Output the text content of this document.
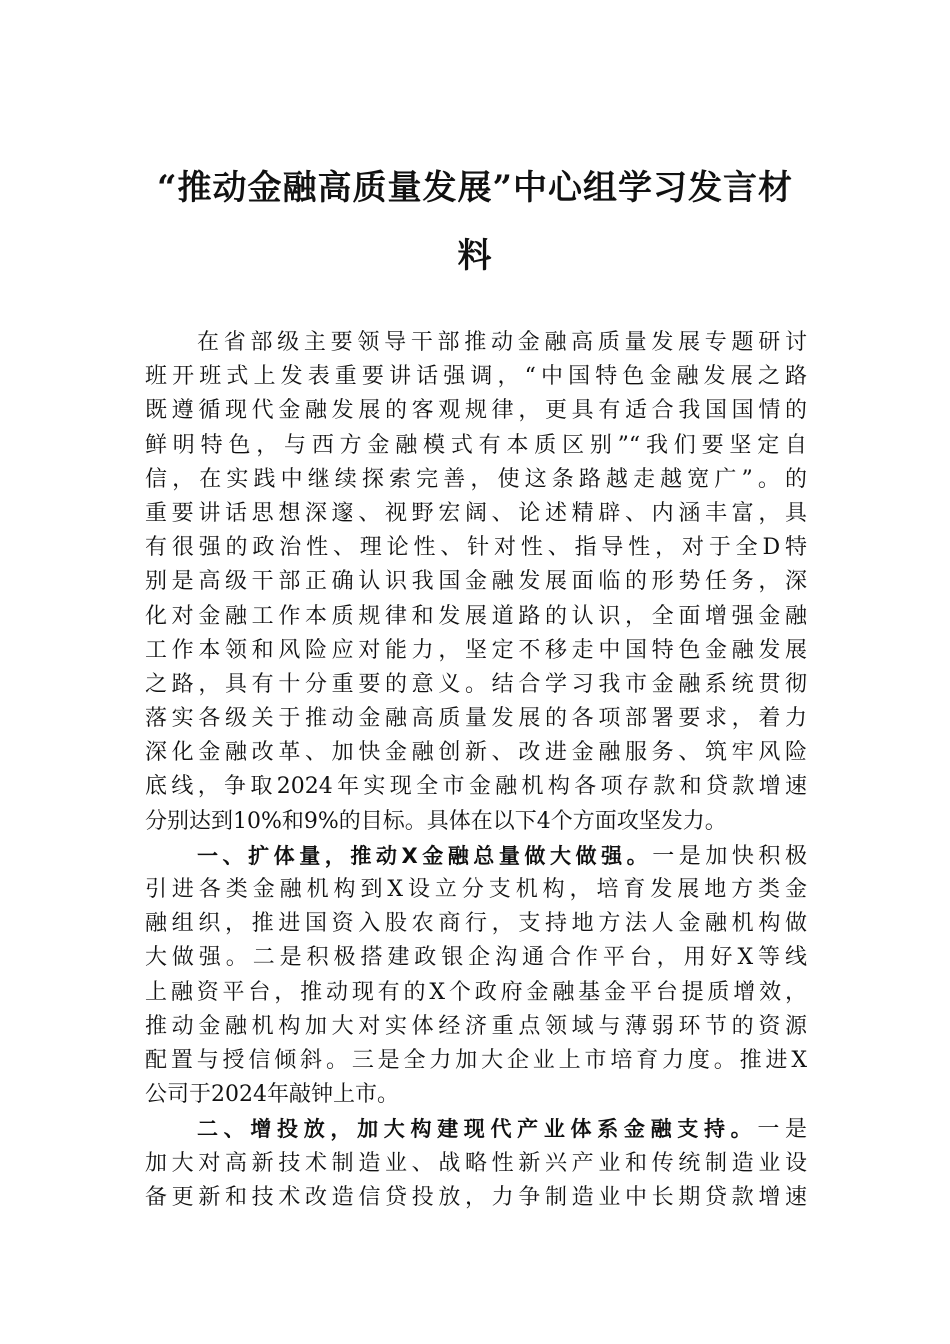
“推动金融高质量发展”中心组学习发言材
料
在省部级主要领导干部推动金融高质量发展专题研讨
班开班式上发表重要讲话强调，“中国特色金融发展之路
既遵循现代金融发展的客观规律，更具有适合我国国情的
鲜明特色，与西方金融模式有本质区别”“我们要坚定自
信，在实践中继续探索完善，使这条路越走越宽广”。的
重要讲话思想深邃、视野宏阔、论述精辟、内涵丰富，具
有很强的政治性、理论性、针对性、指导性，对于全D特
别是高级干部正确认识我国金融发展面临的形势任务，深
化对金融工作本质规律和发展道路的认识，全面增强金融
工作本领和风险应对能力，坚定不移走中国特色金融发展
之路，具有十分重要的意义。结合学习我市金融系统贯彻
落实各级关于推动金融高质量发展的各项部署要求，着力
深化金融改革、加快金融创新、改进金融服务、筑牢风险
底线，争取2024年实现全市金融机构各项存款和贷款增速
分别达到10%和9%的目标。具体在以下4个方面攻坚发力。
一、扩体量，推动X金融总量做大做强。一是加快积极
引进各类金融机构到X设立分支机构，培育发展地方类金
融组织，推进国资入股农商行，支持地方法人金融机构做
大做强。二是积极搭建政银企沟通合作平台，用好X等线
上融资平台，推动现有的X个政府金融基金平台提质增效，
推动金融机构加大对实体经济重点领域与薄弱环节的资源
配置与授信倾斜。三是全力加大企业上市培育力度。推进X
公司于2024年敲钟上市。
二、增投放，加大构建现代产业体系金融支持。一是
加大对高新技术制造业、战略性新兴产业和传统制造业设
备更新和技术改造信贷投放，力争制造业中长期贷款增速
